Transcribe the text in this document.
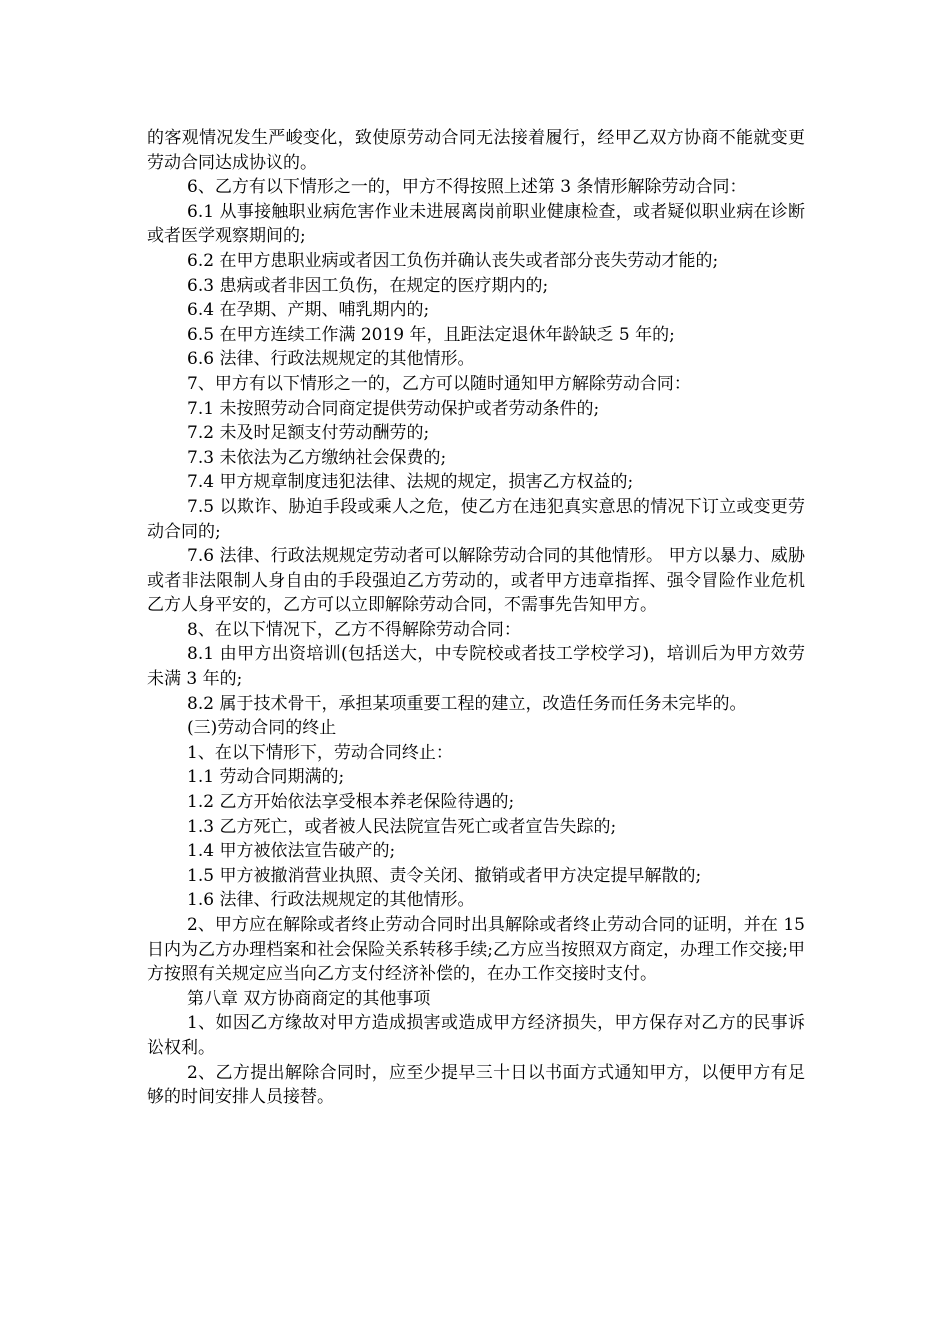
的客观情况发生严峻变化，致使原劳动合同无法接着履行，经甲乙双方协商不能就变更劳动合同达成协议的。

6、乙方有以下情形之一的，甲方不得按照上述第 3 条情形解除劳动合同：

6.1 从事接触职业病危害作业未进展离岗前职业健康检查，或者疑似职业病在诊断或者医学观察期间的;

6.2 在甲方患职业病或者因工负伤并确认丧失或者部分丧失劳动才能的;

6.3 患病或者非因工负伤，在规定的医疗期内的;

6.4 在孕期、产期、哺乳期内的;

6.5 在甲方连续工作满 2019 年，且距法定退休年龄缺乏 5 年的;

6.6 法律、行政法规规定的其他情形。

7、甲方有以下情形之一的，乙方可以随时通知甲方解除劳动合同：

7.1 未按照劳动合同商定提供劳动保护或者劳动条件的;

7.2 未及时足额支付劳动酬劳的;

7.3 未依法为乙方缴纳社会保费的;

7.4 甲方规章制度违犯法律、法规的规定，损害乙方权益的;

7.5 以欺诈、胁迫手段或乘人之危，使乙方在违犯真实意思的情况下订立或变更劳动合同的;

7.6 法律、行政法规规定劳动者可以解除劳动合同的其他情形。 甲方以暴力、威胁或者非法限制人身自由的手段强迫乙方劳动的，或者甲方违章指挥、强令冒险作业危机乙方人身平安的，乙方可以立即解除劳动合同，不需事先告知甲方。

8、在以下情况下，乙方不得解除劳动合同：

8.1 由甲方出资培训(包括送大，中专院校或者技工学校学习)，培训后为甲方效劳未满 3 年的;

8.2 属于技术骨干，承担某项重要工程的建立，改造任务而任务未完毕的。

(三)劳动合同的终止

1、在以下情形下，劳动合同终止：

1.1 劳动合同期满的;

1.2 乙方开始依法享受根本养老保险待遇的;

1.3 乙方死亡，或者被人民法院宣告死亡或者宣告失踪的;

1.4 甲方被依法宣告破产的;

1.5 甲方被撤消营业执照、责令关闭、撤销或者甲方决定提早解散的;

1.6 法律、行政法规规定的其他情形。

2、甲方应在解除或者终止劳动合同时出具解除或者终止劳动合同的证明，并在 15 日内为乙方办理档案和社会保险关系转移手续;乙方应当按照双方商定，办理工作交接;甲方按照有关规定应当向乙方支付经济补偿的，在办工作交接时支付。

第八章 双方协商商定的其他事项

1、如因乙方缘故对甲方造成损害或造成甲方经济损失，甲方保存对乙方的民事诉讼权利。

2、乙方提出解除合同时，应至少提早三十日以书面方式通知甲方，以便甲方有足够的时间安排人员接替。
